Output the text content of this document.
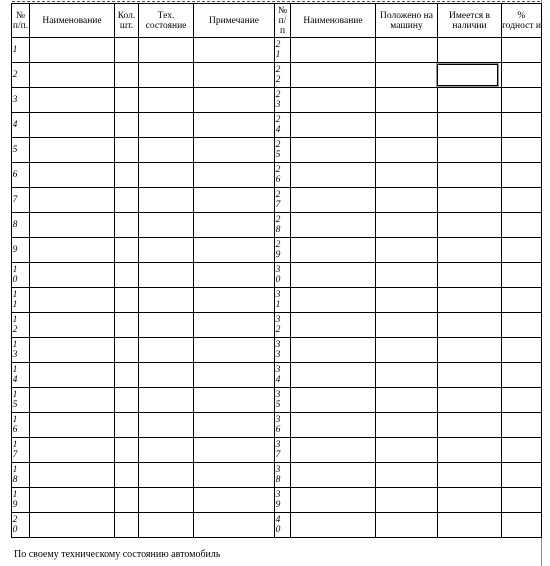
№ п/п.	Наименование	Кол. шт.	Тех. состояние	Примечание	№ п/ п	Наименование	Положено на машину	Имеется в наличии	% годност и

1					21				

2					22				

3					23				

4					24				

5					25				

6					26				

7					27				

8					28				

9					29				

10					30				

11					31				

12					32				

13					33				

14					34				

15					35				

16					36				

17					37				

18					38				

19					39				

20					40				

По своему техническому состоянию автомобиль
